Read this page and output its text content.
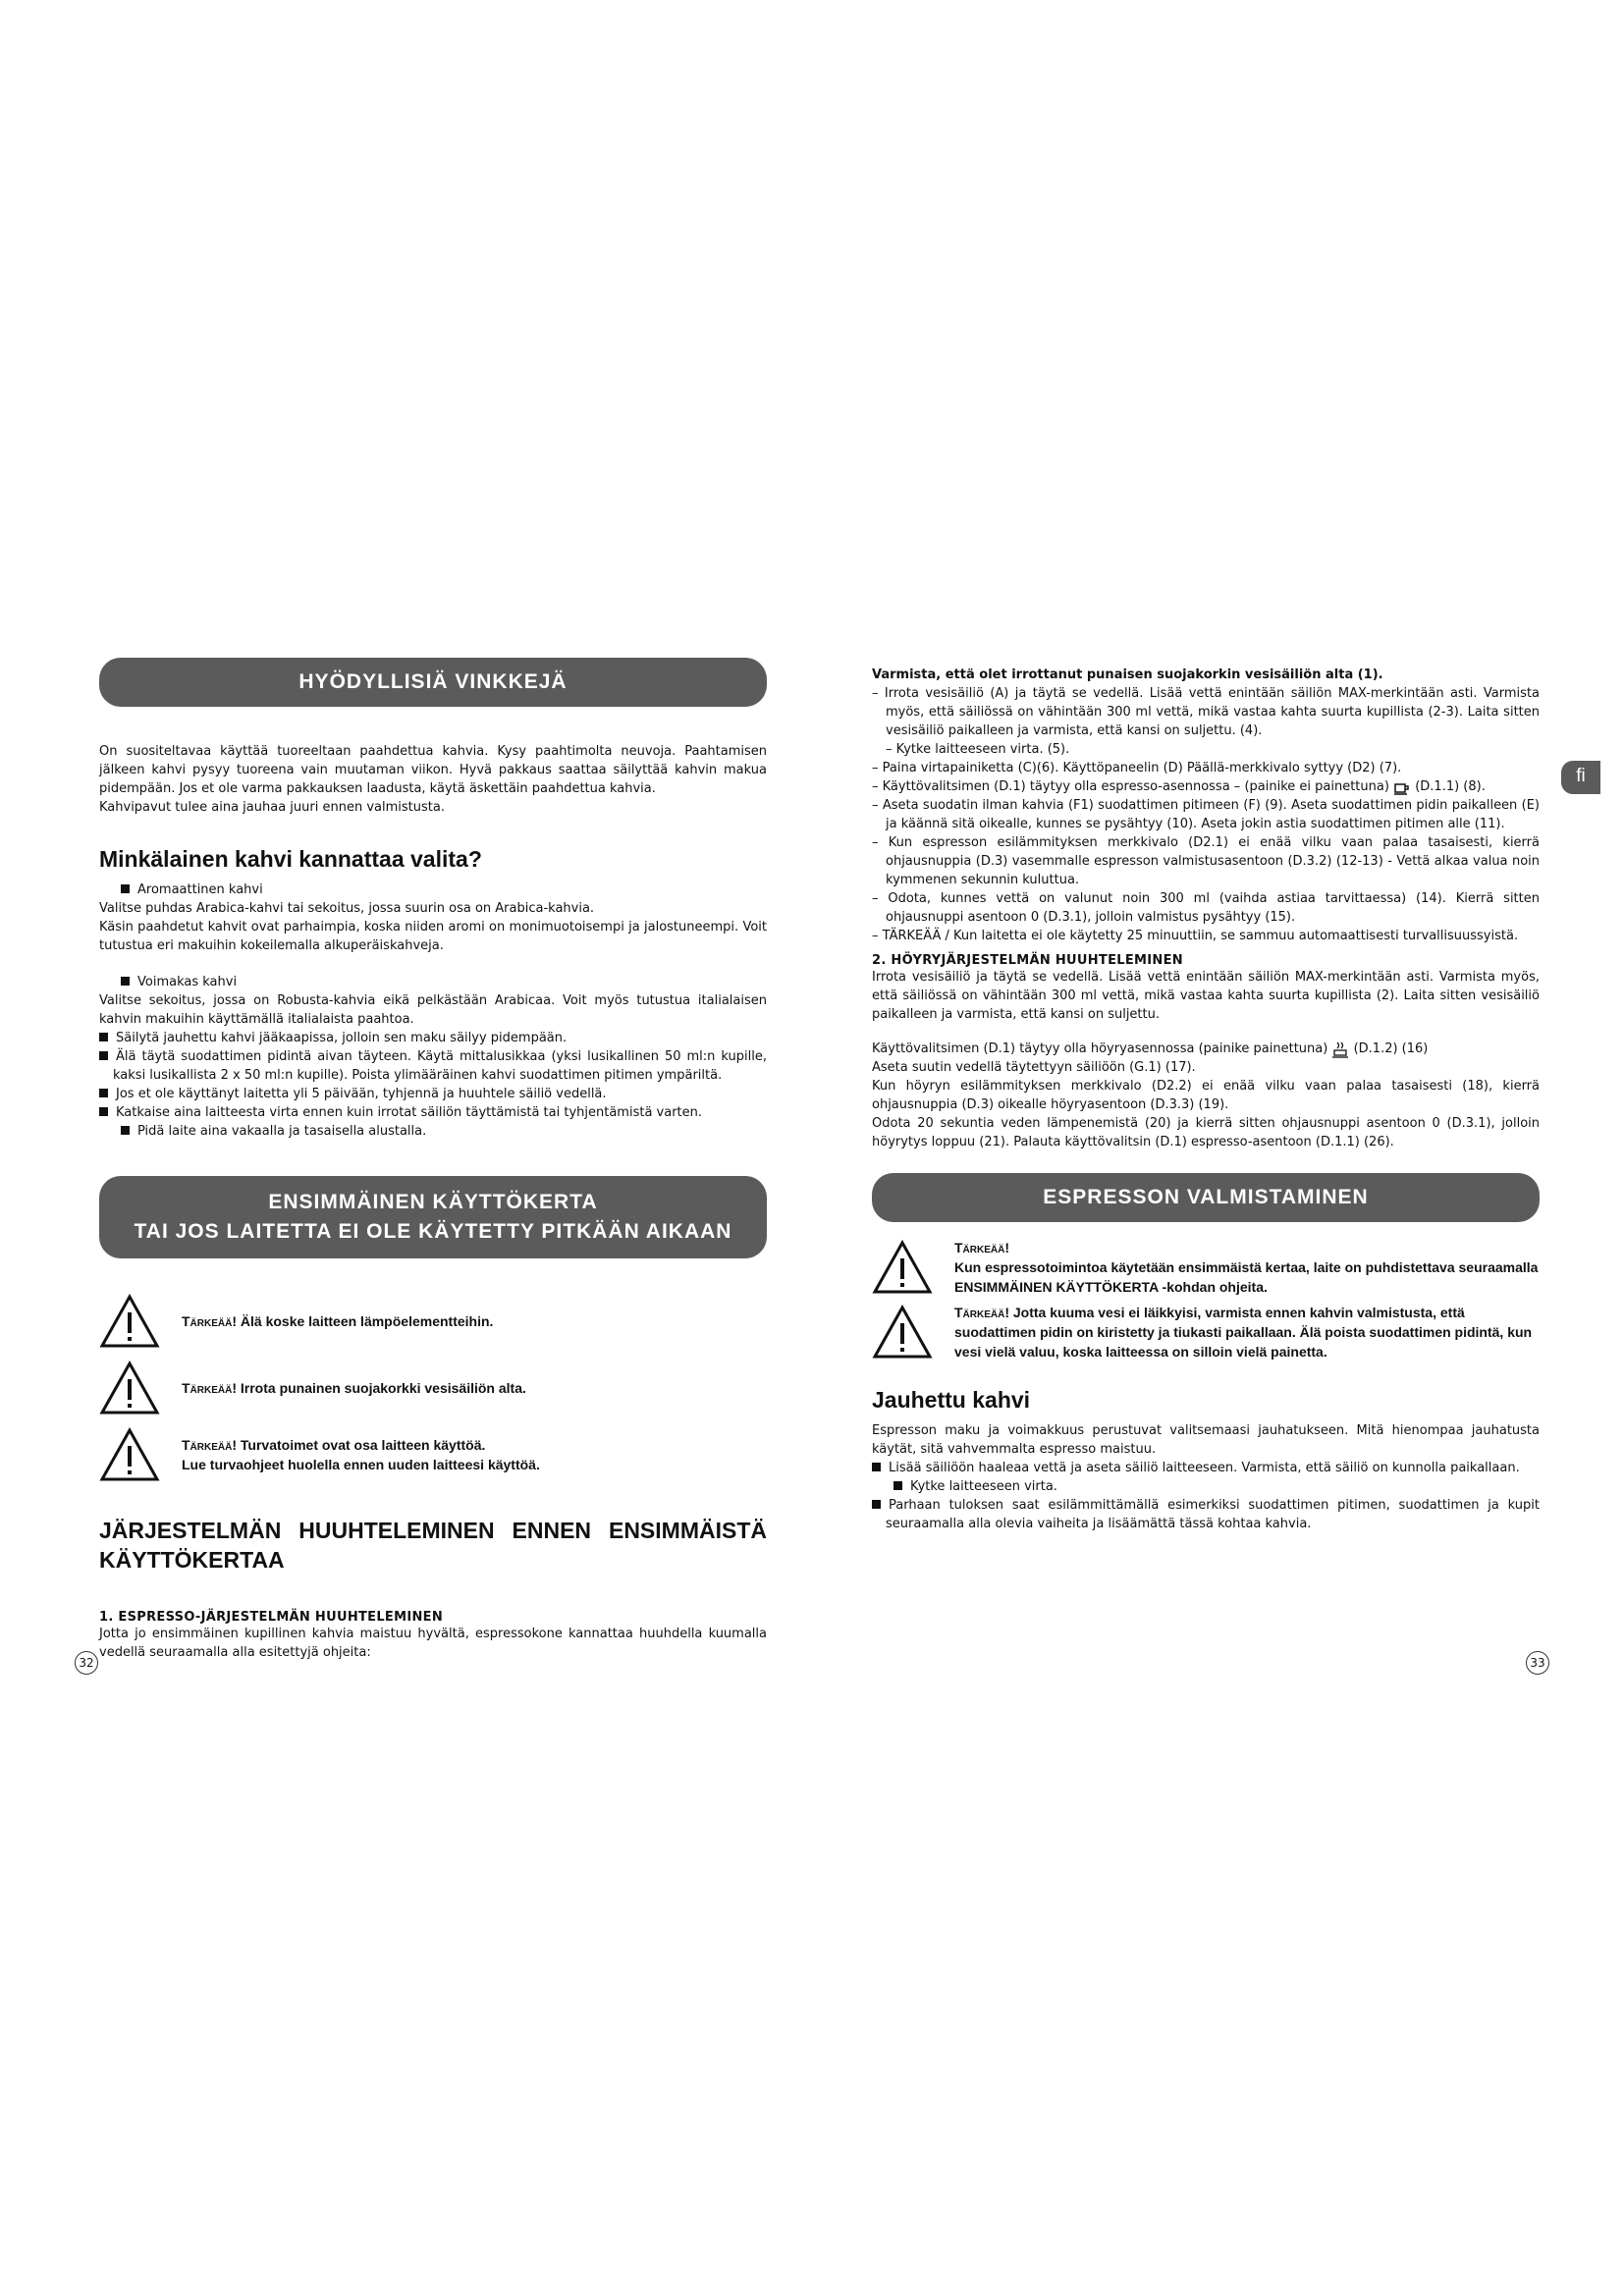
HYÖDYLLISIÄ VINKKEJÄ

On suositeltavaa käyttää tuoreeltaan paahdettua kahvia. Kysy paahtimolta neuvoja. Paahtamisen jälkeen kahvi pysyy tuoreena vain muutaman viikon. Hyvä pakkaus saattaa säilyttää kahvin makua pidempään. Jos et ole varma pakkauksen laadusta, käytä äskettäin paahdettua kahvia.

Kahvipavut tulee aina jauhaa juuri ennen valmistusta.

Minkälainen kahvi kannattaa valita?

Aromaattinen kahvi

Valitse puhdas Arabica-kahvi tai sekoitus, jossa suurin osa on Arabica-kahvia.

Käsin paahdetut kahvit ovat parhaimpia, koska niiden aromi on monimuotoisempi ja jalostuneempi. Voit tutustua eri makuihin kokeilemalla alkuperäiskahveja.

Voimakas kahvi

Valitse sekoitus, jossa on Robusta-kahvia eikä pelkästään Arabicaa. Voit myös tutustua italialaisen kahvin makuihin käyttämällä italialaista paahtoa.

Säilytä jauhettu kahvi jääkaapissa, jolloin sen maku säilyy pidempään.

Älä täytä suodattimen pidintä aivan täyteen. Käytä mittalusikkaa (yksi lusikallinen 50 ml:n kupille, kaksi lusikallista 2 x 50 ml:n kupille). Poista ylimääräinen kahvi suodattimen pitimen ympäriltä.

Jos et ole käyttänyt laitetta yli 5 päivään, tyhjennä ja huuhtele säiliö vedellä.

Katkaise aina laitteesta virta ennen kuin irrotat säiliön täyttämistä tai tyhjentämistä varten.

Pidä laite aina vakaalla ja tasaisella alustalla.

ENSIMMÄINEN KÄYTTÖKERTA
TAI JOS LAITETTA EI OLE KÄYTETTY PITKÄÄN AIKAAN
Tärkeää! Älä koske laitteen lämpöelementteihin.
Tärkeää! Irrota punainen suojakorkki vesisäiliön alta.
Tärkeää! Turvatoimet ovat osa laitteen käyttöä.
Lue turvaohjeet huolella ennen uuden laitteesi käyttöä.
JÄRJESTELMÄN HUUHTELEMINEN ENNEN ENSIMMÄISTÄ KÄYTTÖKERTAA
1. ESPRESSO-JÄRJESTELMÄN HUUHTELEMINEN

Jotta jo ensimmäinen kupillinen kahvia maistuu hyvältä, espressokone kannattaa huuhdella kuumalla vedellä seuraamalla alla esitettyjä ohjeita:

32

Varmista, että olet irrottanut punaisen suojakorkin vesisäiliön alta (1).

– Irrota vesisäiliö (A) ja täytä se vedellä. Lisää vettä enintään säiliön MAX-merkintään asti. Varmista myös, että säiliössä on vähintään 300 ml vettä, mikä vastaa kahta suurta kupillista (2-3). Laita sitten vesisäiliö paikalleen ja varmista, että kansi on suljettu. (4).

– Kytke laitteeseen virta. (5).

– Paina virtapainiketta (C)(6). Käyttöpaneelin (D) Päällä-merkkivalo syttyy (D2) (7).

– Käyttövalitsimen (D.1) täytyy olla espresso-asennossa – (painike ei painettuna) (D.1.1) (8).

– Aseta suodatin ilman kahvia (F1) suodattimen pitimeen (F) (9). Aseta suodattimen pidin paikalleen (E) ja käännä sitä oikealle, kunnes se pysähtyy (10). Aseta jokin astia suodattimen pitimen alle (11).

– Kun espresson esilämmityksen merkkivalo (D2.1) ei enää vilku vaan palaa tasaisesti, kierrä ohjausnuppia (D.3) vasemmalle espresson valmistusasentoon (D.3.2) (12-13) - Vettä alkaa valua noin kymmenen sekunnin kuluttua.

– Odota, kunnes vettä on valunut noin 300 ml (vaihda astiaa tarvittaessa) (14). Kierrä sitten ohjausnuppi asentoon 0 (D.3.1), jolloin valmistus pysähtyy (15).

– TÄRKEÄÄ / Kun laitetta ei ole käytetty 25 minuuttiin, se sammuu automaattisesti turvallisuussyistä.

2. HÖYRYJÄRJESTELMÄN HUUHTELEMINEN

Irrota vesisäiliö ja täytä se vedellä. Lisää vettä enintään säiliön MAX-merkintään asti. Varmista myös, että säiliössä on vähintään 300 ml vettä, mikä vastaa kahta suurta kupillista (2). Laita sitten vesisäiliö paikalleen ja varmista, että kansi on suljettu.

Käyttövalitsimen (D.1) täytyy olla höyryasennossa (painike painettuna) (D.1.2) (16)

Aseta suutin vedellä täytettyyn säiliöön (G.1) (17).

Kun höyryn esilämmityksen merkkivalo (D2.2) ei enää vilku vaan palaa tasaisesti (18), kierrä ohjausnuppia (D.3) oikealle höyryasentoon (D.3.3) (19).

Odota 20 sekuntia veden lämpenemistä (20) ja kierrä sitten ohjausnuppi asentoon 0 (D.3.1), jolloin höyrytys loppuu (21). Palauta käyttövalitsin (D.1) espresso-asentoon (D.1.1) (26).

ESPRESSON VALMISTAMINEN
Tärkeää!
Kun espressotoimintoa käytetään ensimmäistä kertaa, laite on puhdistettava seuraamalla ENSIMMÄINEN KÄYTTÖKERTA -kohdan ohjeita.
Tärkeää! Jotta kuuma vesi ei läikkyisi, varmista ennen kahvin valmistusta, että suodattimen pidin on kiristetty ja tiukasti paikallaan. Älä poista suodattimen pidintä, kun vesi vielä valuu, koska laitteessa on silloin vielä painetta.
Jauhettu kahvi

Espresson maku ja voimakkuus perustuvat valitsemaasi jauhatukseen. Mitä hienompaa jauhatusta käytät, sitä vahvemmalta espresso maistuu.

Lisää säiliöön haaleaa vettä ja aseta säiliö laitteeseen. Varmista, että säiliö on kunnolla paikallaan.

Kytke laitteeseen virta.

Parhaan tuloksen saat esilämmittämällä esimerkiksi suodattimen pitimen, suodattimen ja kupit seuraamalla alla olevia vaiheita ja lisäämättä tässä kohtaa kahvia.

33
fi
